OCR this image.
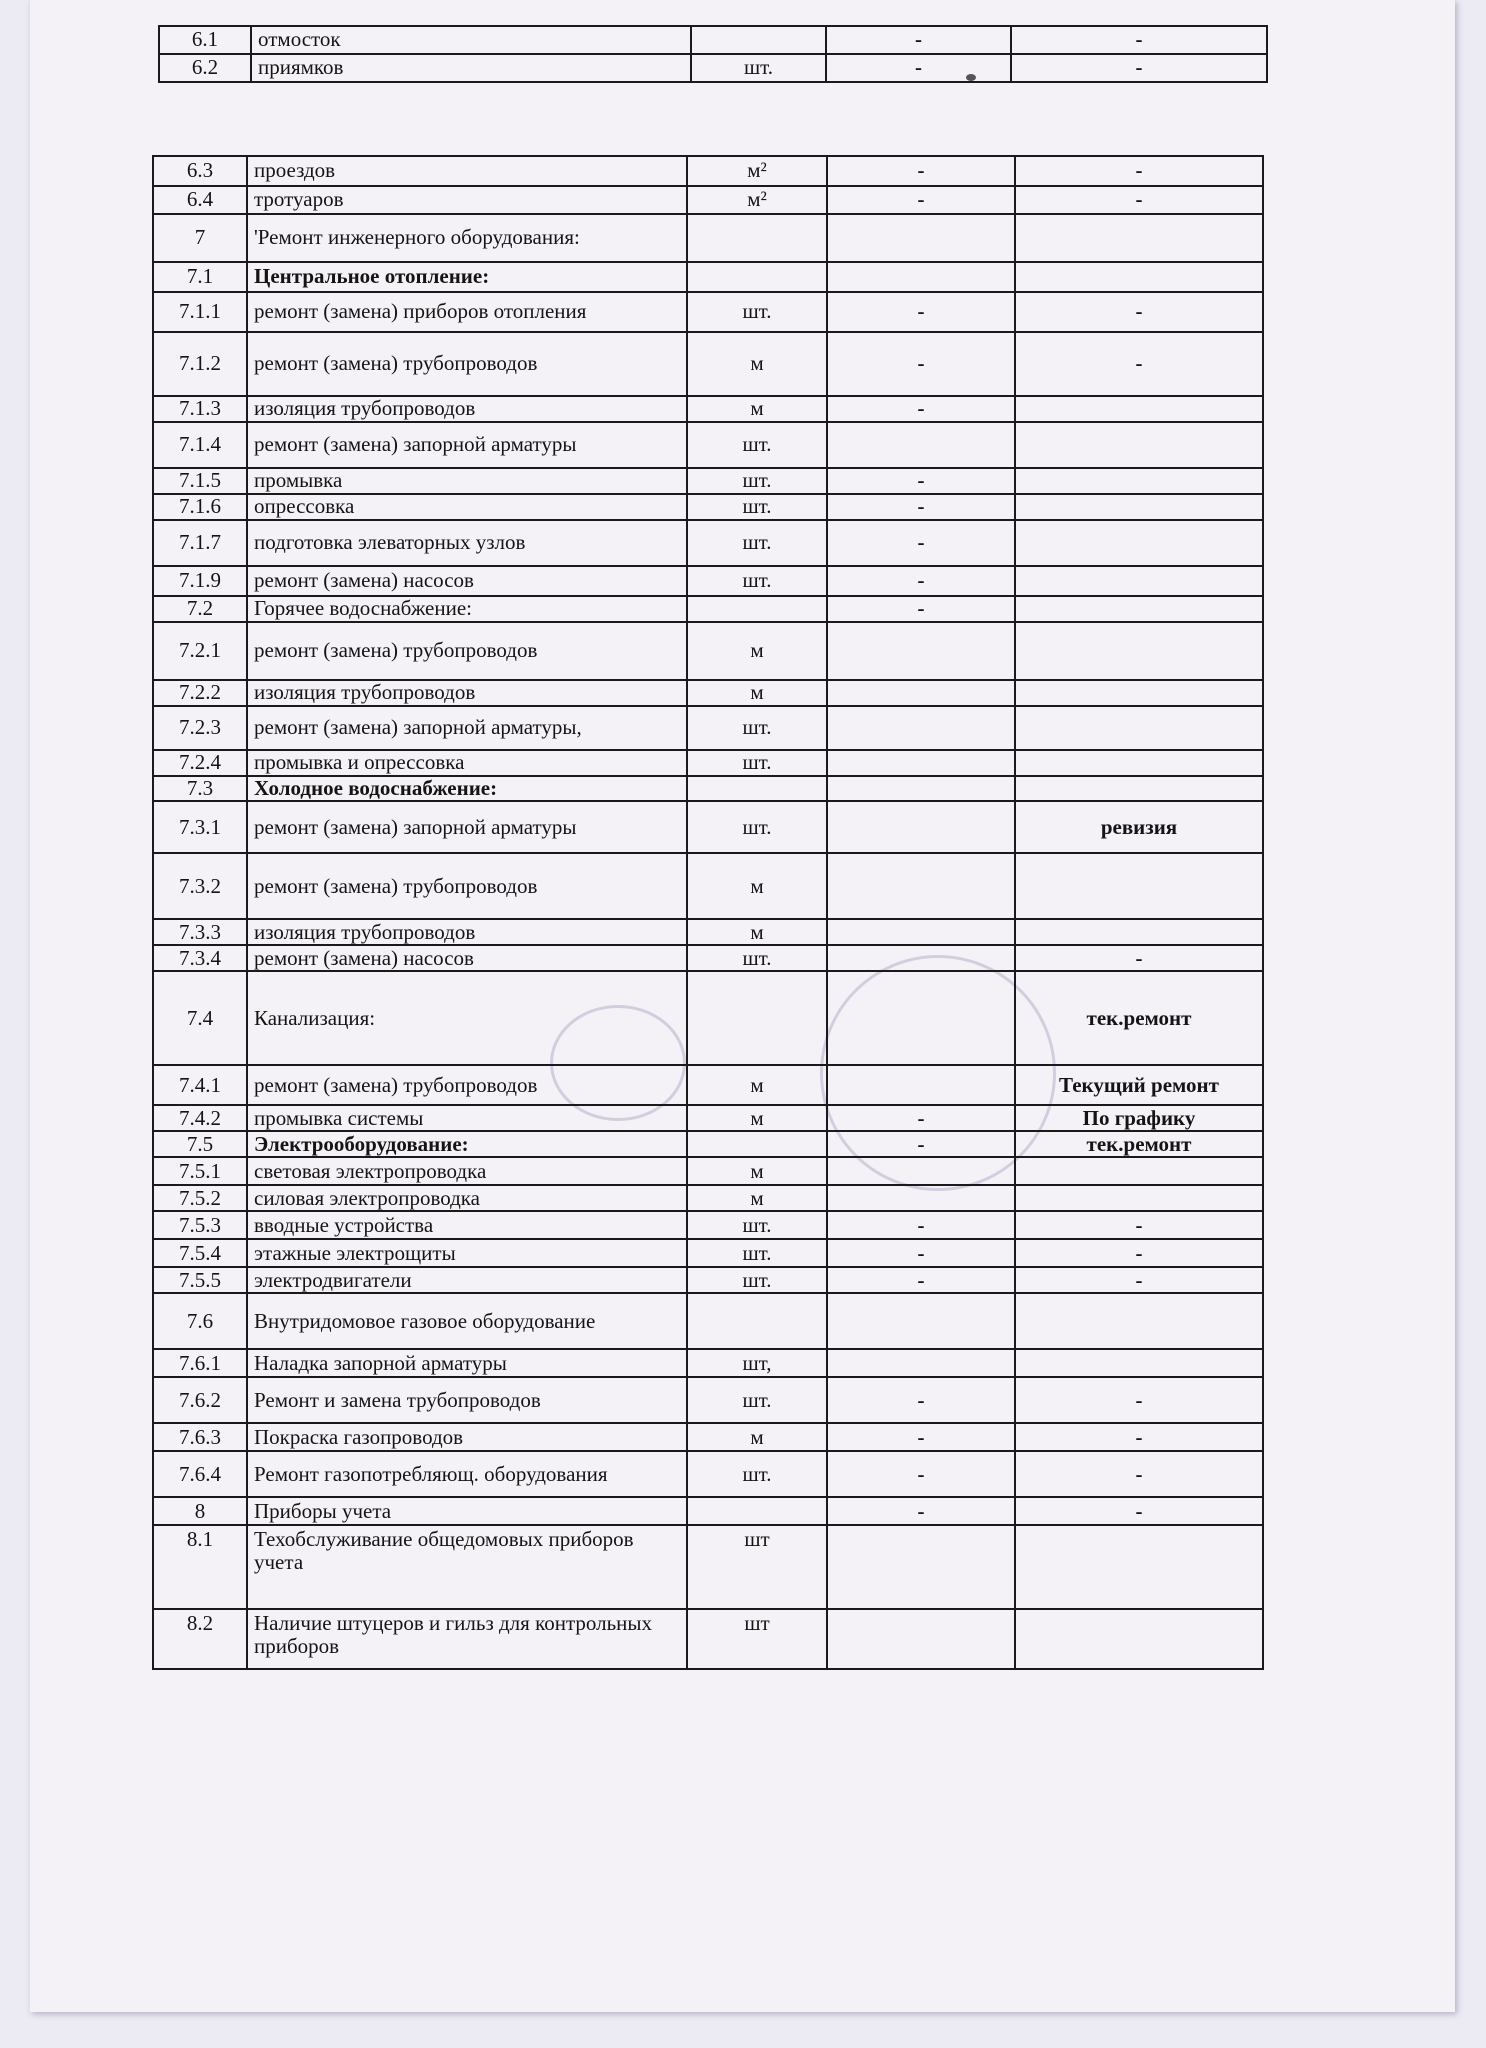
6.1	отмосток		-	-
6.2	приямков	шт.	-	-
6.3	проездов	м²	-	-
6.4	тротуаров	м²	-	-
7	'Ремонт инженерного оборудования:			
7.1	Центральное отопление:			
7.1.1	ремонт (замена) приборов отопления	шт.	-	-
7.1.2	ремонт (замена) трубопроводов	м	-	-
7.1.3	изоляция трубопроводов	м	-	
7.1.4	ремонт (замена) запорной арматуры	шт.		
7.1.5	промывка	шт.	-	
7.1.6	опрессовка	шт.	-	
7.1.7	подготовка элеваторных узлов	шт.	-	
7.1.9	ремонт (замена) насосов	шт.	-	
7.2	Горячее водоснабжение:		-	
7.2.1	ремонт (замена) трубопроводов	м		
7.2.2	изоляция трубопроводов	м		
7.2.3	ремонт (замена) запорной арматуры,	шт.		
7.2.4	промывка и опрессовка	шт.		
7.3	Холодное водоснабжение:			
7.3.1	ремонт (замена) запорной арматуры	шт.		ревизия
7.3.2	ремонт (замена) трубопроводов	м		
7.3.3	изоляция трубопроводов	м		
7.3.4	ремонт (замена) насосов	шт.		-
7.4	Канализация:			тек.ремонт
7.4.1	ремонт (замена) трубопроводов	м		Текущий ремонт
7.4.2	промывка системы	м	-	По графику
7.5	Электрооборудование:		-	тек.ремонт
7.5.1	световая электропроводка	м		
7.5.2	силовая электропроводка	м		
7.5.3	вводные устройства	шт.	-	-
7.5.4	этажные электрощиты	шт.	-	-
7.5.5	электродвигатели	шт.	-	-
7.6	Внутридомовое газовое оборудование			
7.6.1	Наладка запорной арматуры	шт,		
7.6.2	Ремонт и замена трубопроводов	шт.	-	-
7.6.3	Покраска газопроводов	м	-	-
7.6.4	Ремонт газопотребляющ. оборудования	шт.	-	-
8	Приборы учета		-	-
8.1	Техобслуживание общедомовых приборов учета	шт		
8.2	Наличие штуцеров и гильз для контрольных приборов	шт		
